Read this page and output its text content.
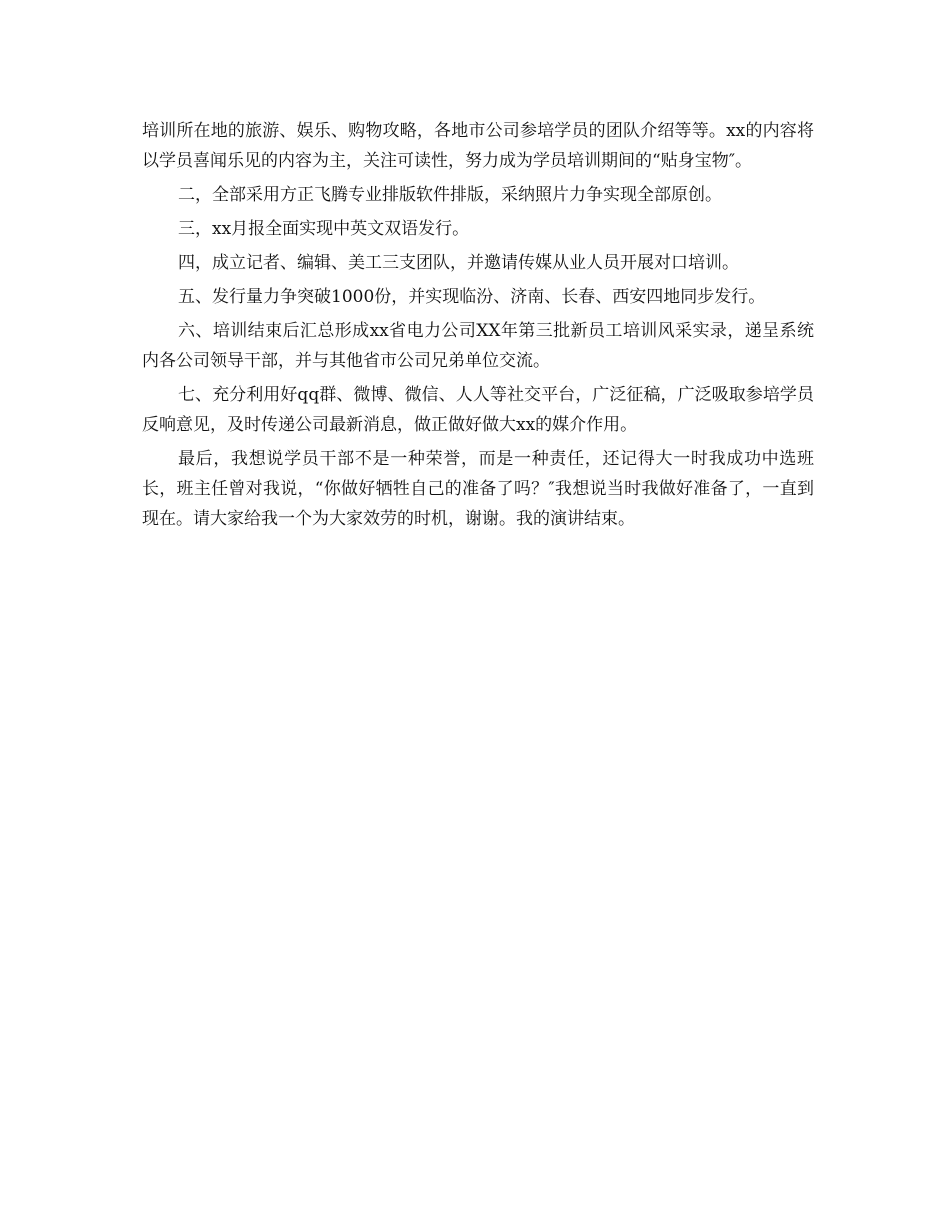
培训所在地的旅游、娱乐、购物攻略，各地市公司参培学员的团队介绍等等。xx的内容将以学员喜闻乐见的内容为主，关注可读性，努力成为学员培训期间的“贴身宝物″。

二，全部采用方正飞腾专业排版软件排版，采纳照片力争实现全部原创。

三，xx月报全面实现中英文双语发行。

四，成立记者、编辑、美工三支团队，并邀请传媒从业人员开展对口培训。

五、发行量力争突破1000份，并实现临汾、济南、长春、西安四地同步发行。

六、培训结束后汇总形成xx省电力公司XX年第三批新员工培训风采实录，递呈系统内各公司领导干部，并与其他省市公司兄弟单位交流。

七、充分利用好qq群、微博、微信、人人等社交平台，广泛征稿，广泛吸取参培学员反响意见，及时传递公司最新消息，做正做好做大xx的媒介作用。

最后，我想说学员干部不是一种荣誉，而是一种责任，还记得大一时我成功中选班长，班主任曾对我说，“你做好牺牲自己的准备了吗？″我想说当时我做好准备了，一直到现在。请大家给我一个为大家效劳的时机，谢谢。我的演讲结束。
